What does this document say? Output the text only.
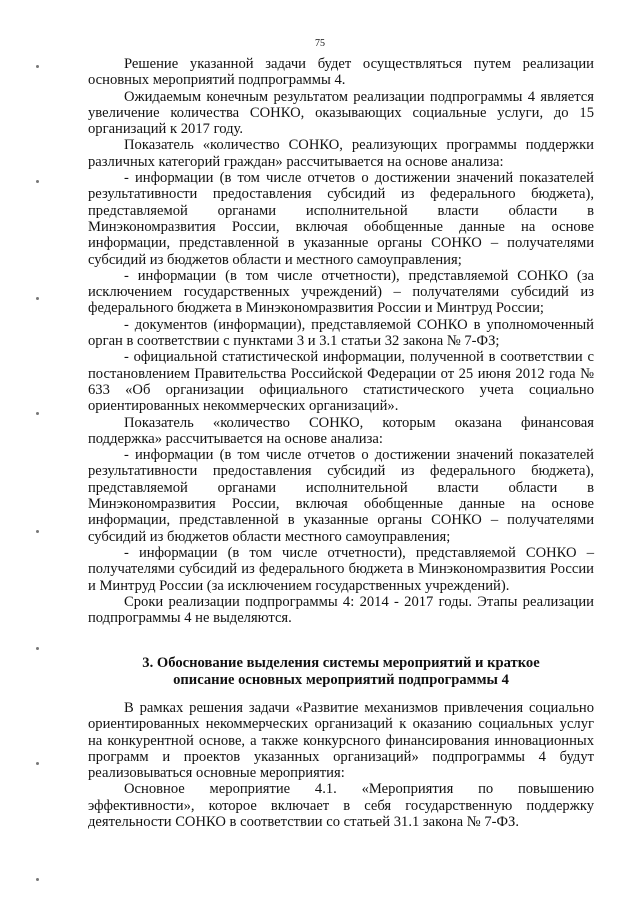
75

Решение указанной задачи будет осуществляться путем реализации основных мероприятий подпрограммы 4.

Ожидаемым конечным результатом реализации подпрограммы 4 является увеличение количества СОНКО, оказывающих социальные услуги, до 15 организаций к 2017 году.

Показатель «количество СОНКО, реализующих программы поддержки различных категорий граждан» рассчитывается на основе анализа:

- информации (в том числе отчетов о достижении значений показателей результативности предоставления субсидий из федерального бюджета), представляемой органами исполнительной власти области в Минэкономразвития России, включая обобщенные данные на основе информации, представленной в указанные органы СОНКО – получателями субсидий из бюджетов области и местного самоуправления;

- информации (в том числе отчетности), представляемой СОНКО (за исключением государственных учреждений) – получателями субсидий из федерального бюджета в Минэкономразвития России и Минтруд России;

- документов (информации), представляемой СОНКО в уполномоченный орган в соответствии с пунктами 3 и 3.1 статьи 32 закона № 7-ФЗ;

- официальной статистической информации, полученной в соответствии с постановлением Правительства Российской Федерации от 25 июня 2012 года № 633 «Об организации официального статистического учета социально ориентированных некоммерческих организаций».

Показатель «количество СОНКО, которым оказана финансовая поддержка» рассчитывается на основе анализа:

- информации (в том числе отчетов о достижении значений показателей результативности предоставления субсидий из федерального бюджета), представляемой органами исполнительной власти области в Минэкономразвития России, включая обобщенные данные на основе информации, представленной в указанные органы СОНКО – получателями субсидий из бюджетов области местного самоуправления;

- информации (в том числе отчетности), представляемой СОНКО – получателями субсидий из федерального бюджета в Минэкономразвития России и Минтруд России (за исключением государственных учреждений).

Сроки реализации подпрограммы 4: 2014 - 2017 годы. Этапы реализации подпрограммы 4 не выделяются.

3. Обоснование выделения системы мероприятий и краткое
описание основных мероприятий подпрограммы 4

В рамках решения задачи «Развитие механизмов привлечения социально ориентированных некоммерческих организаций к оказанию социальных услуг на конкурентной основе, а также конкурсного финансирования инновационных программ и проектов указанных организаций» подпрограммы 4 будут реализовываться основные мероприятия:

Основное мероприятие 4.1. «Мероприятия по повышению эффективности», которое включает в себя государственную поддержку деятельности СОНКО в соответствии со статьей 31.1 закона № 7-ФЗ.
